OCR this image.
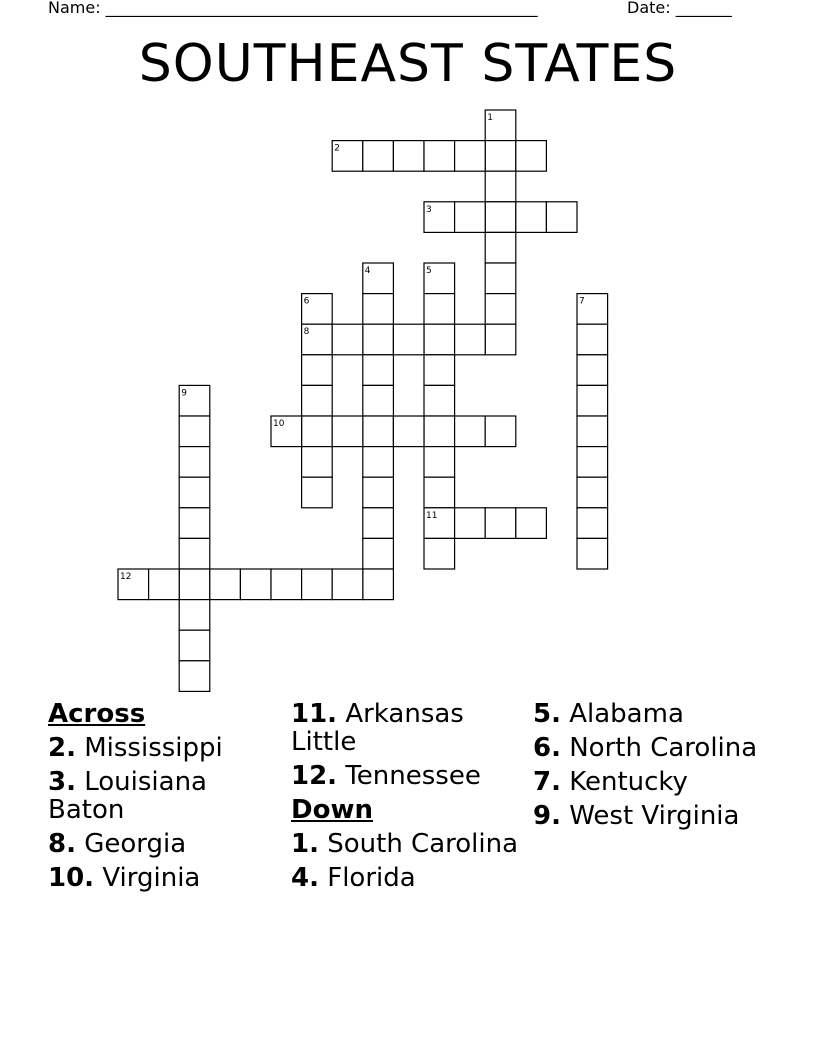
Name: ______________________________________________________	Date: _______
SOUTHEAST STATES
1
2
3
4	5
6	7
8
9
10
11
12
Across
2. Mississippi
3. Louisiana Baton
8. Georgia
10. Virginia
11. Arkansas Little
12. Tennessee
Down
1. South Carolina
4. Florida
5. Alabama
6. North Carolina
7. Kentucky
9. West Virginia
